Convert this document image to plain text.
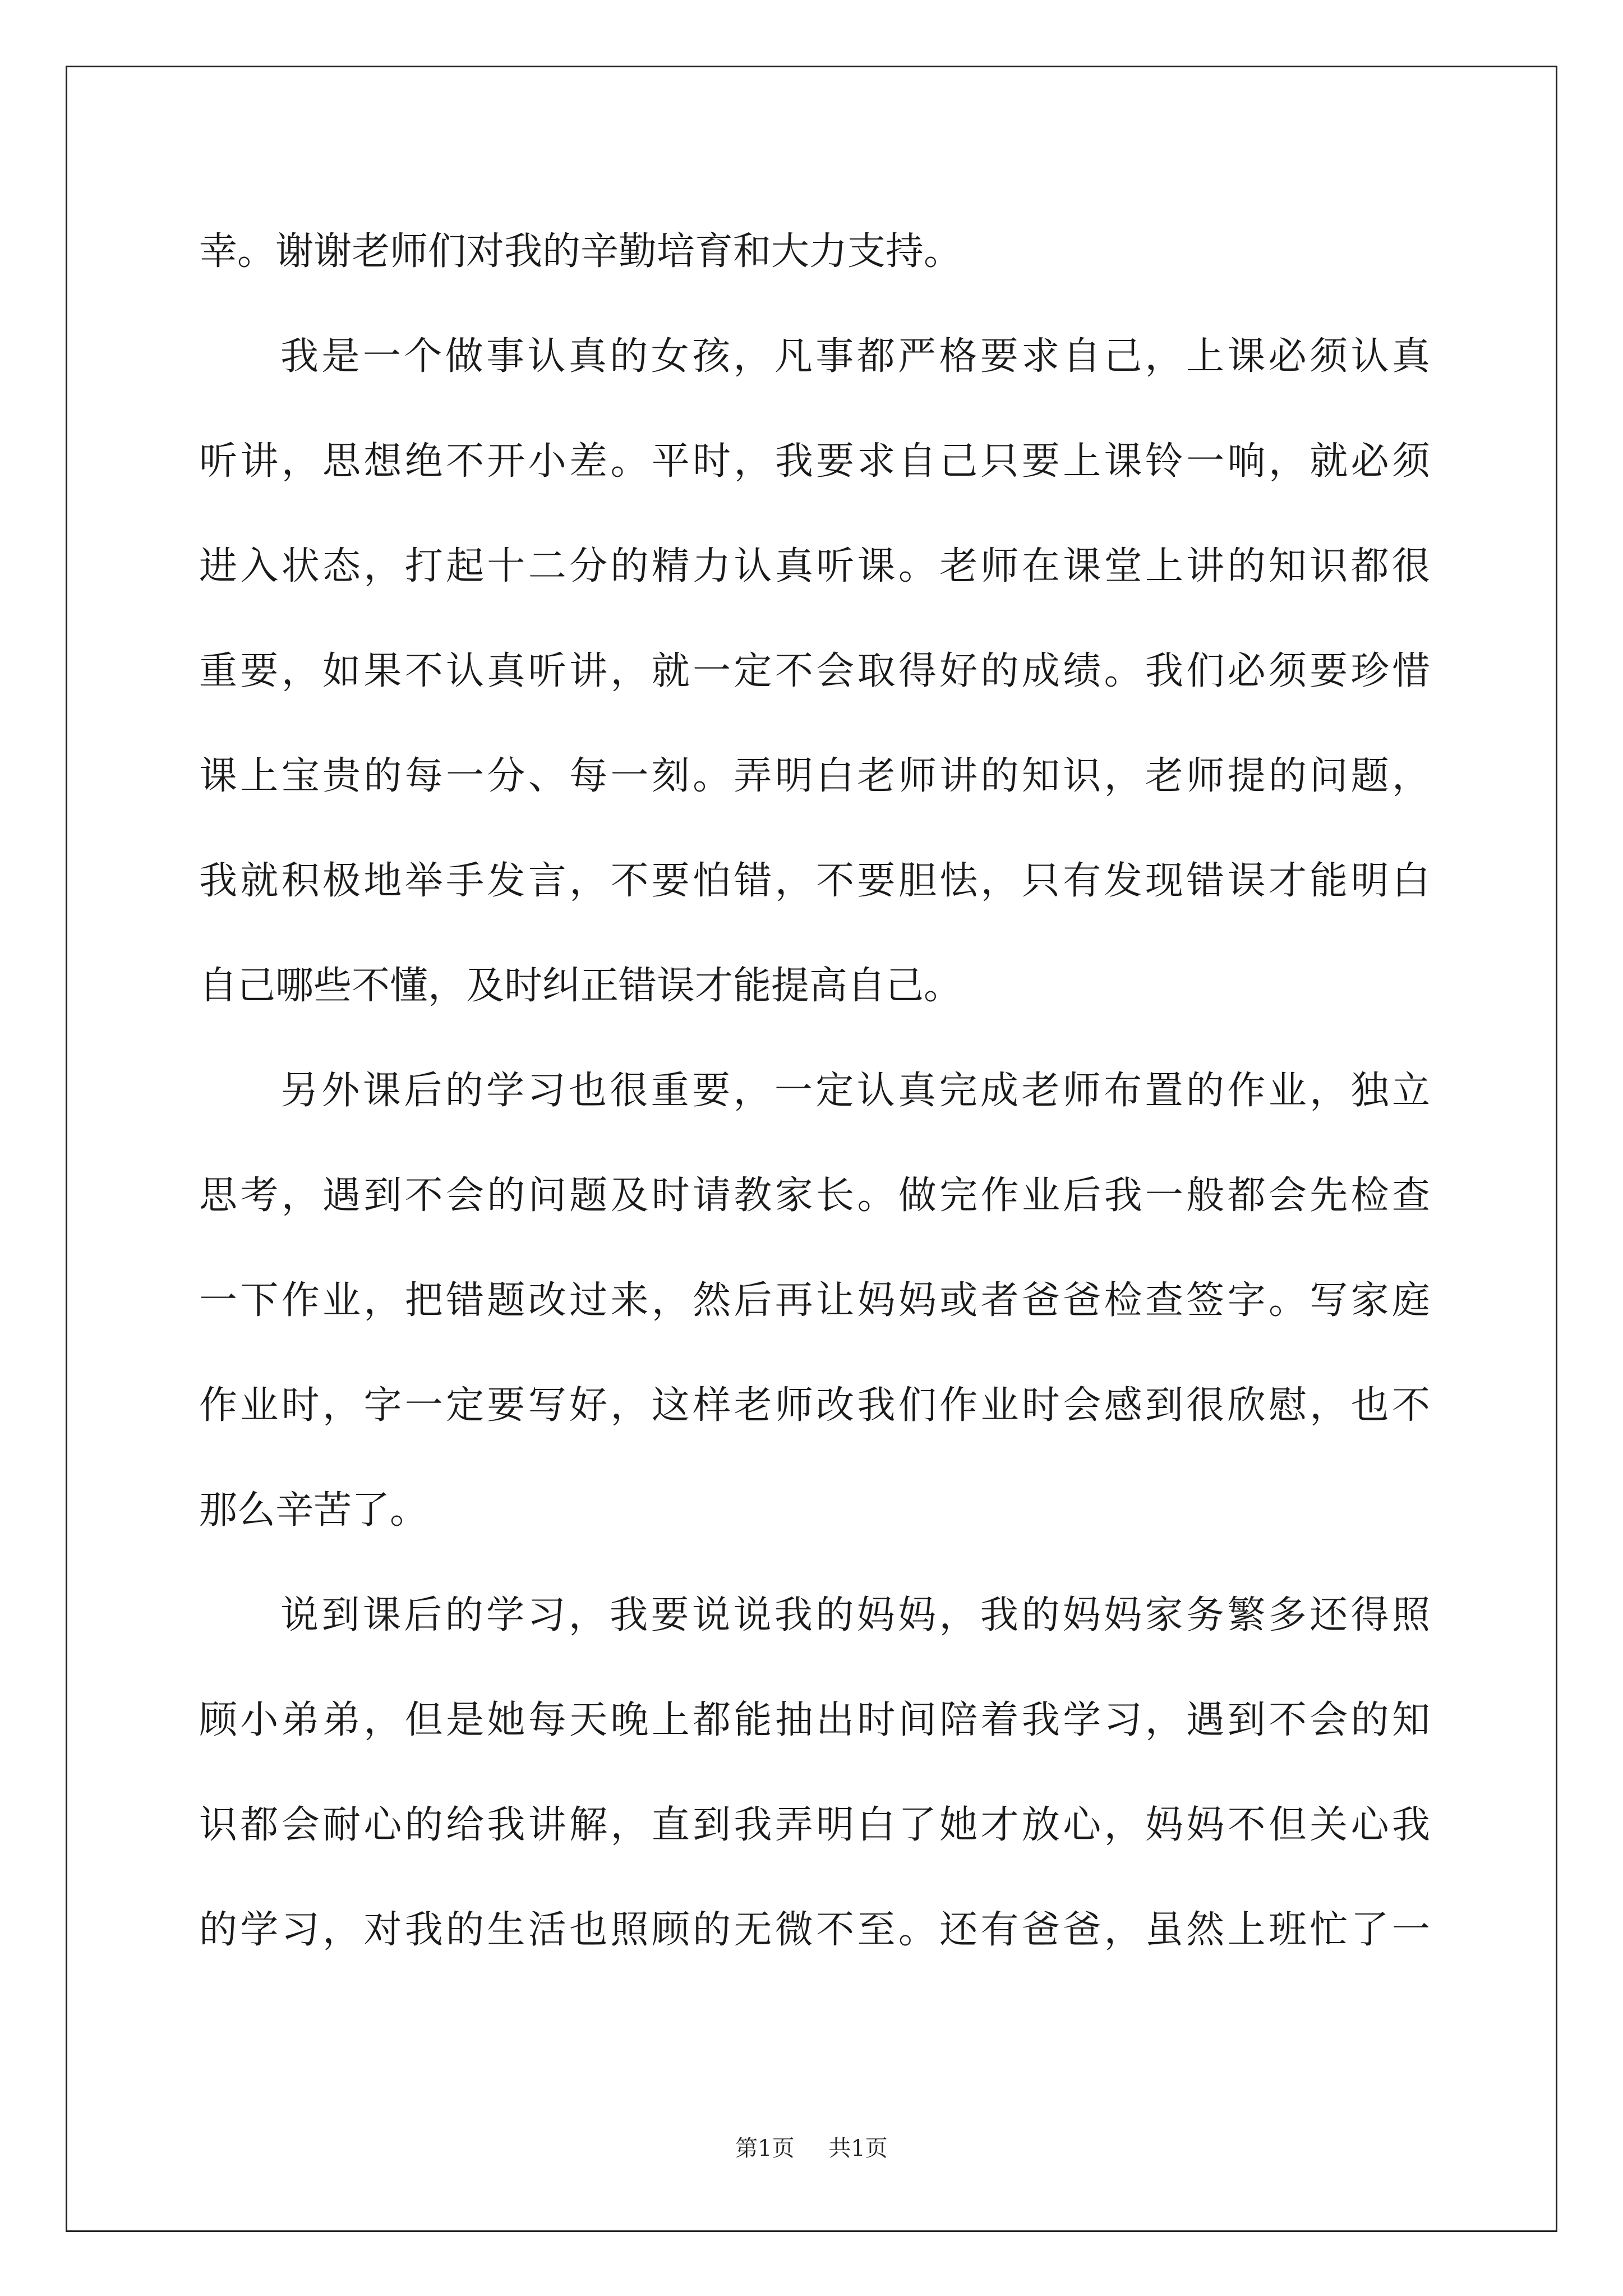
幸。谢谢老师们对我的辛勤培育和大力支持。
我是一个做事认真的女孩，凡事都严格要求自己，上课必须认真
听讲，思想绝不开小差。平时，我要求自己只要上课铃一响，就必须
进入状态，打起十二分的精力认真听课。老师在课堂上讲的知识都很
重要，如果不认真听讲，就一定不会取得好的成绩。我们必须要珍惜
课上宝贵的每一分、每一刻。弄明白老师讲的知识，老师提的问题，
我就积极地举手发言，不要怕错，不要胆怯，只有发现错误才能明白
自己哪些不懂，及时纠正错误才能提高自己。
另外课后的学习也很重要，一定认真完成老师布置的作业，独立
思考，遇到不会的问题及时请教家长。做完作业后我一般都会先检查
一下作业，把错题改过来，然后再让妈妈或者爸爸检查签字。写家庭
作业时，字一定要写好，这样老师改我们作业时会感到很欣慰，也不
那么辛苦了。
说到课后的学习，我要说说我的妈妈，我的妈妈家务繁多还得照
顾小弟弟，但是她每天晚上都能抽出时间陪着我学习，遇到不会的知
识都会耐心的给我讲解，直到我弄明白了她才放心，妈妈不但关心我
的学习，对我的生活也照顾的无微不至。还有爸爸，虽然上班忙了一
第1页 共1页
